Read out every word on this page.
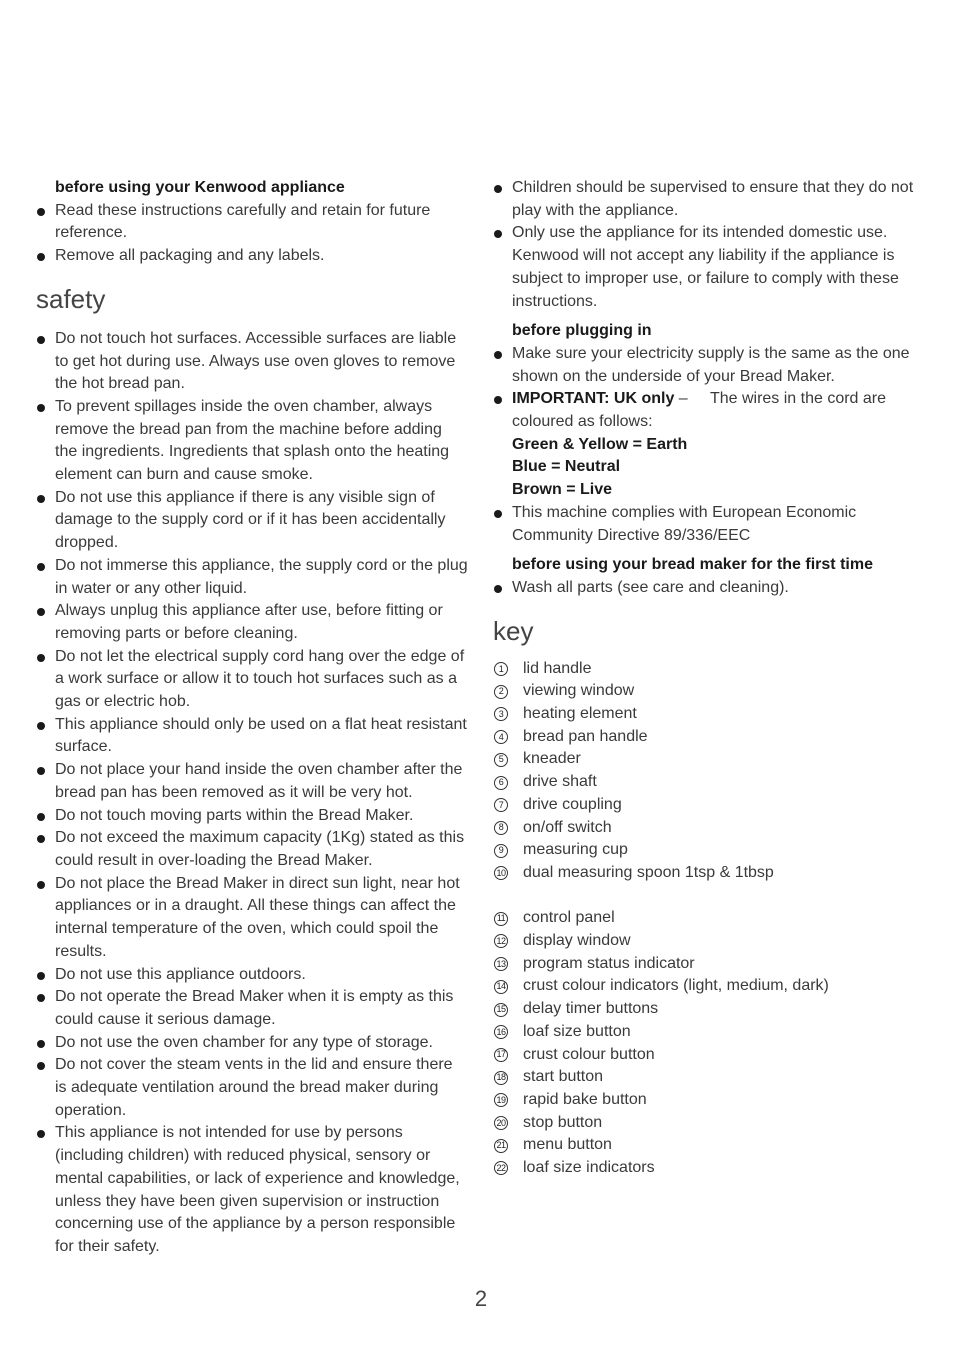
before using your Kenwood appliance
Read these instructions carefully and retain for future reference.
Remove all packaging and any labels.
safety
Do not touch hot surfaces. Accessible surfaces are liable to get hot during use. Always use oven gloves to remove the hot bread pan.
To prevent spillages inside the oven chamber, always remove the bread pan from the machine before adding the ingredients. Ingredients that splash onto the heating element can burn and cause smoke.
Do not use this appliance if there is any visible sign of damage to the supply cord or if it has been accidentally dropped.
Do not immerse this appliance, the supply cord or the plug in water or any other liquid.
Always unplug this appliance after use, before fitting or removing parts or before cleaning.
Do not let the electrical supply cord hang over the edge of a work surface or allow it to touch hot surfaces such as a gas or electric hob.
This appliance should only be used on a flat heat resistant surface.
Do not place your hand inside the oven chamber after the bread pan has been removed as it will be very hot.
Do not touch moving parts within the Bread Maker.
Do not exceed the maximum capacity (1Kg) stated as this could result in over-loading the Bread Maker.
Do not place the Bread Maker in direct sun light, near hot appliances or in a draught. All these things can affect the internal temperature of the oven, which could spoil the results.
Do not use this appliance outdoors.
Do not operate the Bread Maker when it is empty as this could cause it serious damage.
Do not use the oven chamber for any type of storage.
Do not cover the steam vents in the lid and ensure there is adequate ventilation around the bread maker during operation.
This appliance is not intended for use by persons (including children) with reduced physical, sensory or mental capabilities, or lack of experience and knowledge, unless they have been given supervision or instruction concerning use of the appliance by a person responsible for their safety.
Children should be supervised to ensure that they do not play with the appliance.
Only use the appliance for its intended domestic use. Kenwood will not accept any liability if the appliance is subject to improper use, or failure to comply with these instructions.
before plugging in
Make sure your electricity supply is the same as the one shown on the underside of your Bread Maker.
IMPORTANT: UK only – The wires in the cord are coloured as follows:
Green & Yellow = Earth
Blue = Neutral
Brown = Live
This machine complies with European Economic Community Directive 89/336/EEC
before using your bread maker for the first time
Wash all parts (see care and cleaning).
key
1 lid handle
2 viewing window
3 heating element
4 bread pan handle
5 kneader
6 drive shaft
7 drive coupling
8 on/off switch
9 measuring cup
10 dual measuring spoon 1tsp & 1tbsp
11 control panel
12 display window
13 program status indicator
14 crust colour indicators (light, medium, dark)
15 delay timer buttons
16 loaf size button
17 crust colour button
18 start button
19 rapid bake button
20 stop button
21 menu button
22 loaf size indicators
2
